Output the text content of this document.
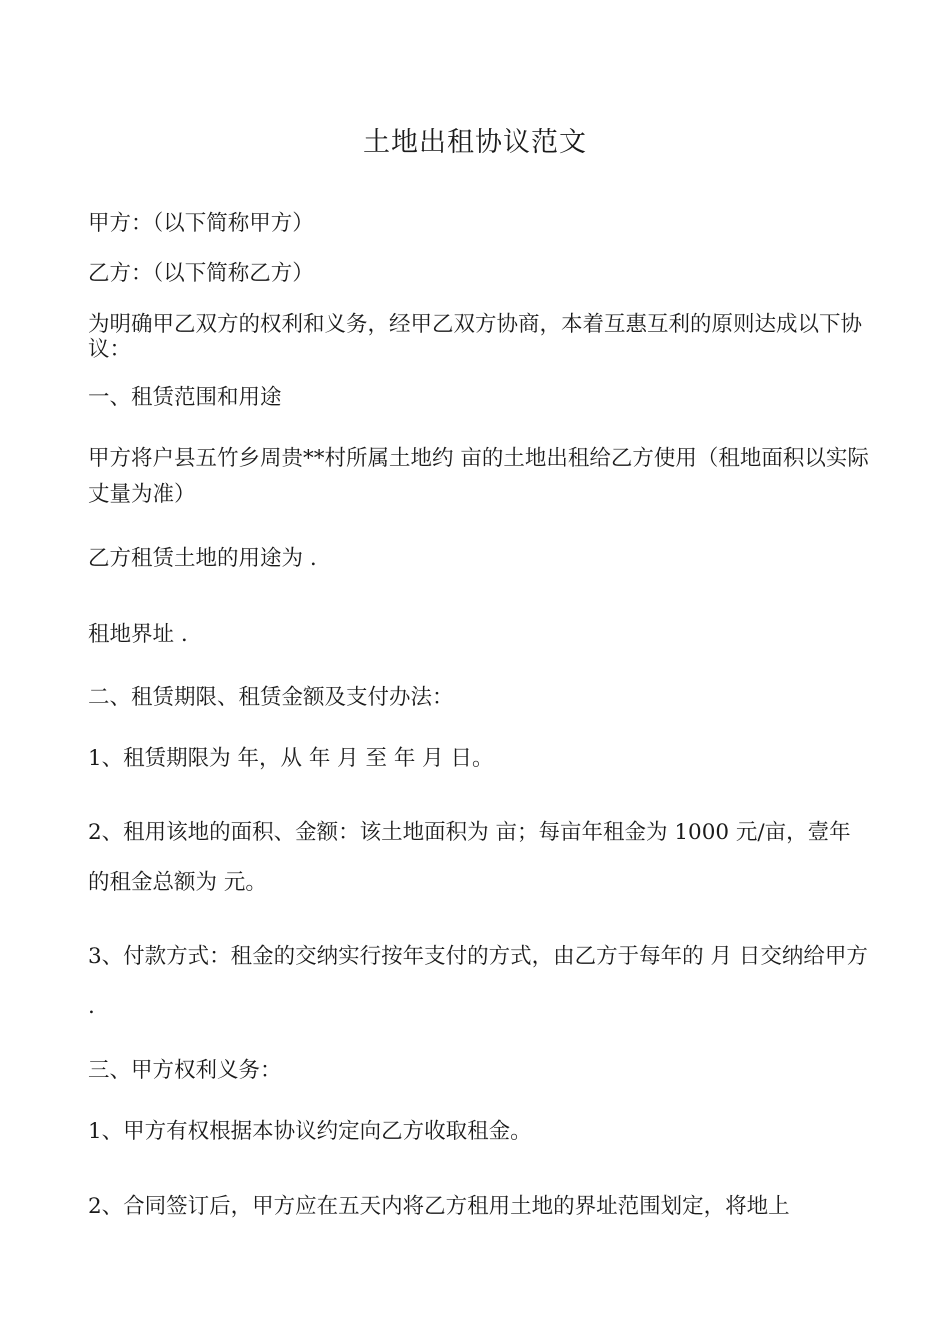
土地出租协议范文
甲方：（以下简称甲方）
乙方：（以下简称乙方）
为明确甲乙双方的权利和义务，经甲乙双方协商，本着互惠互利的原则达成以下协议：
一、租赁范围和用途
甲方将户县五竹乡周贵**村所属土地约 亩的土地出租给乙方使用（租地面积以实际丈量为准）
乙方租赁土地的用途为 .
租地界址 .
二、租赁期限、租赁金额及支付办法：
1、租赁期限为 年，从 年 月 至 年 月 日。
2、租用该地的面积、金额：该土地面积为 亩；每亩年租金为 1000 元/亩，壹年的租金总额为 元。
3、付款方式：租金的交纳实行按年支付的方式，由乙方于每年的 月 日交纳给甲方 .
三、甲方权利义务：
1、甲方有权根据本协议约定向乙方收取租金。
2、合同签订后，甲方应在五天内将乙方租用土地的界址范围划定，将地上
